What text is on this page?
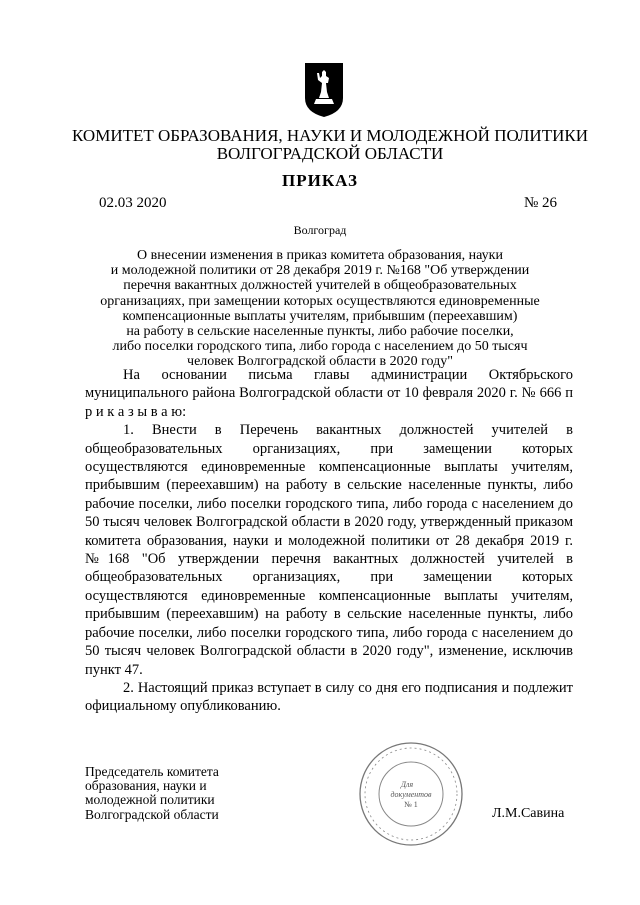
КОМИТЕТ ОБРАЗОВАНИЯ, НАУКИ И МОЛОДЕЖНОЙ ПОЛИТИКИ
ВОЛГОГРАДСКОЙ ОБЛАСТИ
ПРИКАЗ
02.03 2020	№ 26
Волгоград
О внесении изменения в приказ комитета образования, науки
и молодежной политики от 28 декабря 2019 г. №168 "Об утверждении
перечня вакантных должностей учителей в общеобразовательных
организациях, при замещении которых осуществляются единовременные
компенсационные выплаты учителям, прибывшим (переехавшим)
на работу в сельские населенные пункты, либо рабочие поселки,
либо поселки городского типа, либо города с населением до 50 тысяч
человек Волгоградской области в 2020 году"

На основании письма главы администрации Октябрьского муниципального района Волгоградской области от 10 февраля 2020 г. № 666 п р и к а з ы в а ю:

1. Внести в Перечень вакантных должностей учителей в общеобразовательных организациях, при замещении которых осуществляются единовременные компенсационные выплаты учителям, прибывшим (переехавшим) на работу в сельские населенные пункты, либо рабочие поселки, либо поселки городского типа, либо города с населением до 50 тысяч человек Волгоградской области в 2020 году, утвержденный приказом комитета образования, науки и молодежной политики от 28 декабря 2019 г. №168 "Об утверждении перечня вакантных должностей учителей в общеобразовательных организациях, при замещении которых осуществляются единовременные компенсационные выплаты учителям, прибывшим (переехавшим) на работу в сельские населенные пункты, либо рабочие поселки, либо поселки городского типа, либо города с населением до 50 тысяч человек Волгоградской области в 2020 году", изменение, исключив пункт 47.

2. Настоящий приказ вступает в силу со дня его подписания и подлежит официальному опубликованию.

Председатель комитета
образования, науки и
молодежной политики
Волгоградской области
Для
документов
№ 1
Л.М.Савина
